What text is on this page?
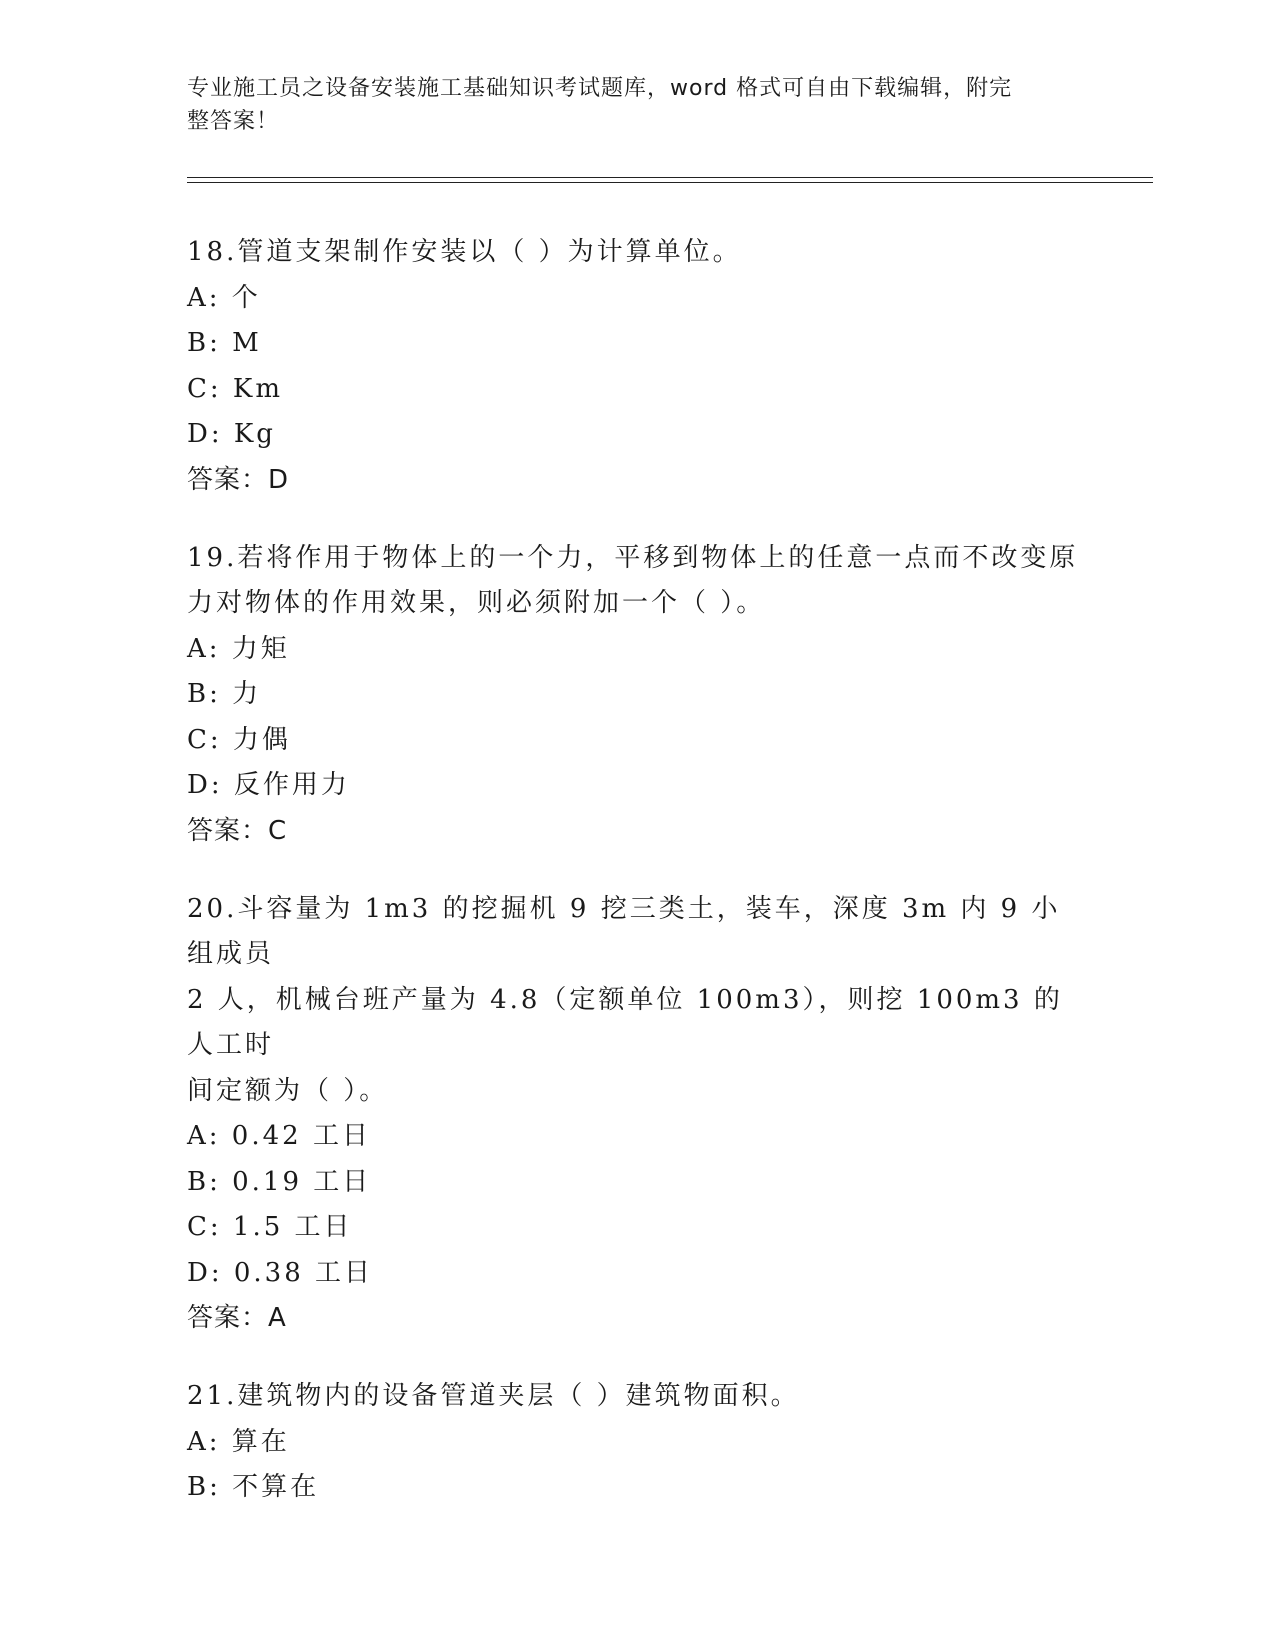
专业施工员之设备安装施工基础知识考试题库，word 格式可自由下载编辑，附完
整答案！
18.管道支架制作安装以（ ）为计算单位。
A: 个
B: M
C: Km
D: Kg
答案：D
19.若将作用于物体上的一个力，平移到物体上的任意一点而不改变原
力对物体的作用效果，则必须附加一个（ ）。
A: 力矩
B: 力
C: 力偶
D: 反作用力
答案：C
20.斗容量为 1m3 的挖掘机 9 挖三类土，装车，深度 3m 内 9 小组成员
2 人，机械台班产量为 4.8（定额单位 100m3），则挖 100m3 的人工时
间定额为（ ）。
A: 0.42 工日
B: 0.19 工日
C: 1.5 工日
D: 0.38 工日
答案：A
21.建筑物内的设备管道夹层（ ）建筑物面积。
A: 算在
B: 不算在
